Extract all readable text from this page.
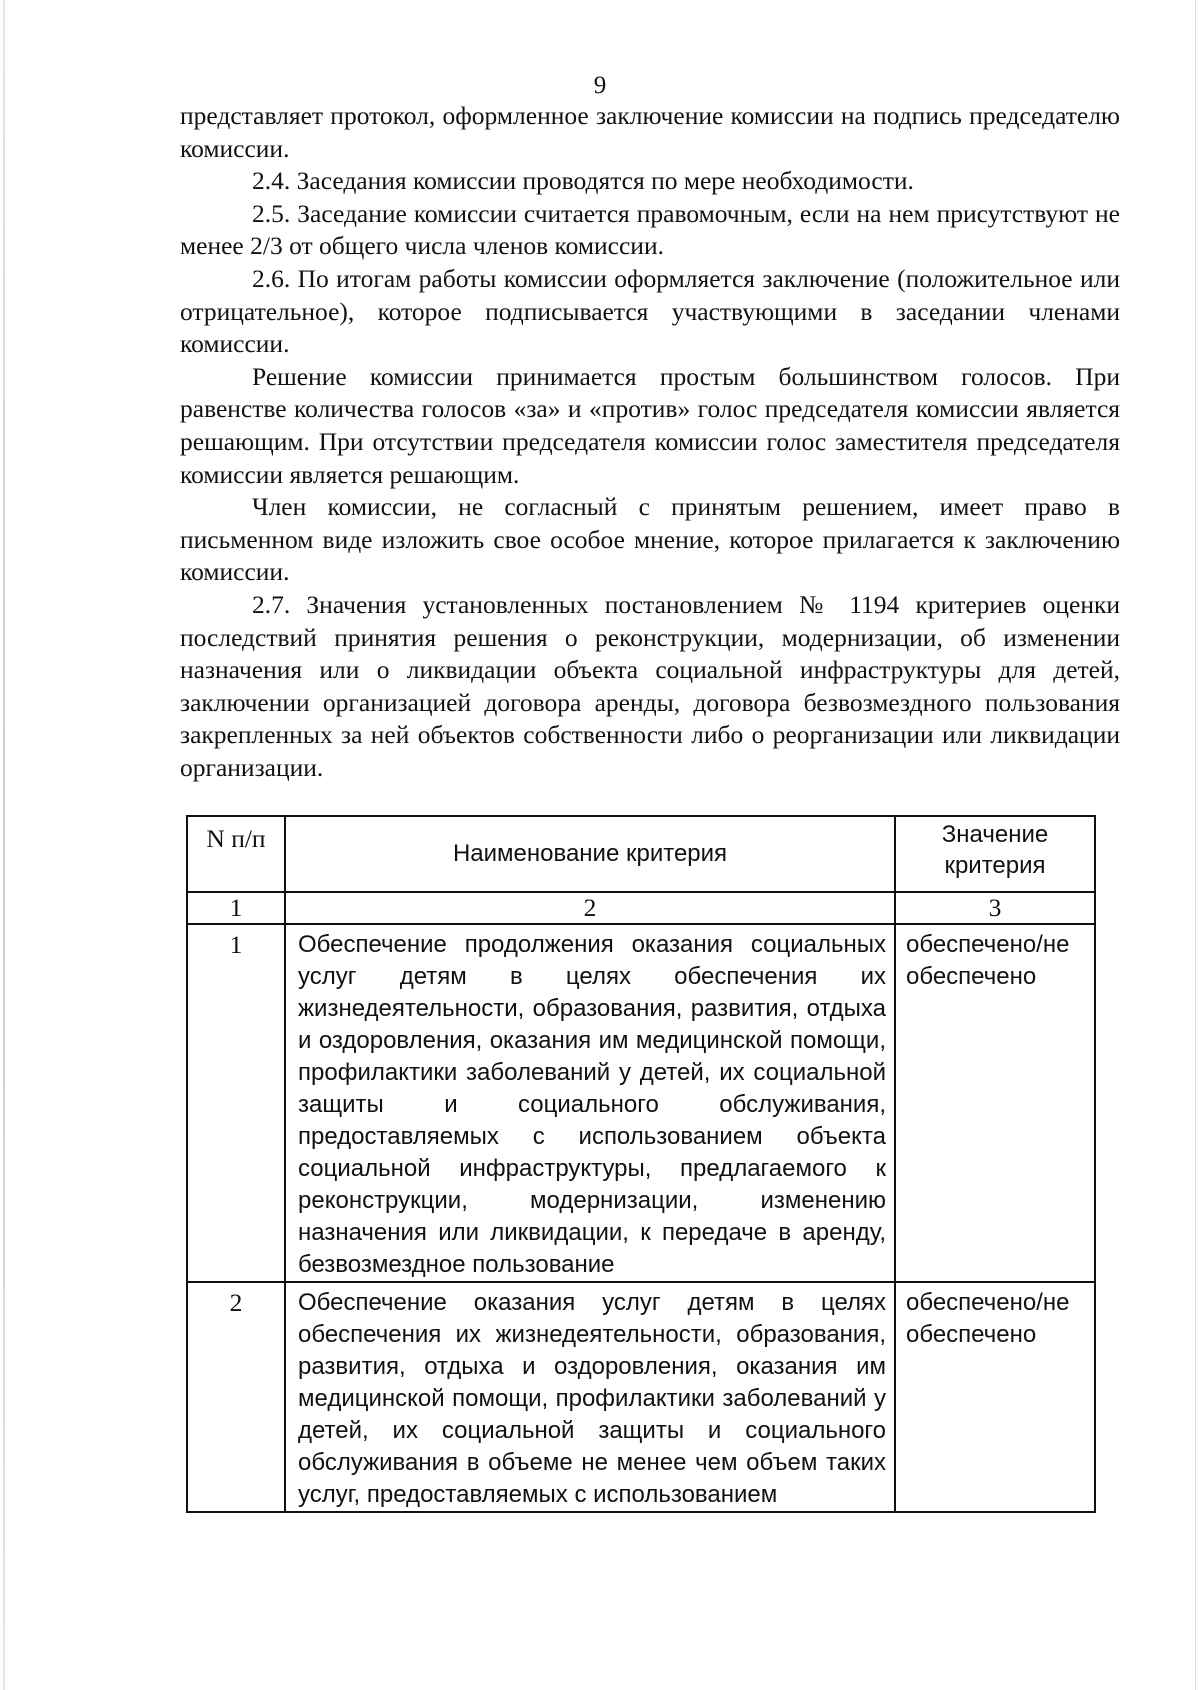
9

представляет протокол, оформленное заключение комиссии на подпись председателю комиссии.

2.4. Заседания комиссии проводятся по мере необходимости.

2.5. Заседание комиссии считается правомочным, если на нем присутствуют не менее 2/3 от общего числа членов комиссии.

2.6. По итогам работы комиссии оформляется заключение (положительное или отрицательное), которое подписывается участвующими в заседании членами комиссии.

Решение комиссии принимается простым большинством голосов. При равенстве количества голосов «за» и «против» голос председателя комиссии является решающим. При отсутствии председателя комиссии голос заместителя председателя комиссии является решающим.

Член комиссии, не согласный с принятым решением, имеет право в письменном виде изложить свое особое мнение, которое прилагается к заключению комиссии.

2.7. Значения установленных постановлением № 1194 критериев оценки последствий принятия решения о реконструкции, модернизации, об изменении назначения или о ликвидации объекта социальной инфраструктуры для детей, заключении организацией договора аренды, договора безвозмездного пользования закрепленных за ней объектов собственности либо о реорганизации или ликвидации организации.

N п/п	Наименование критерия	Значение критерия
1	2	3
1	Обеспечение продолжения оказания социальных услуг детям в целях обеспечения их жизнедеятельности, образования, развития, отдыха и оздоровления, оказания им медицинской помощи, профилактики заболеваний у детей, их социальной защиты и социального обслуживания, предоставляемых с использованием объекта социальной инфраструктуры, предлагаемого к реконструкции, модернизации, изменению назначения или ликвидации, к передаче в аренду, безвозмездное пользование	обеспечено/не обеспечено
2	Обеспечение оказания услуг детям в целях обеспечения их жизнедеятельности, образования, развития, отдыха и оздоровления, оказания им медицинской помощи, профилактики заболеваний у детей, их социальной защиты и социального обслуживания в объеме не менее чем объем таких услуг, предоставляемых с использованием	обеспечено/не обеспечено
